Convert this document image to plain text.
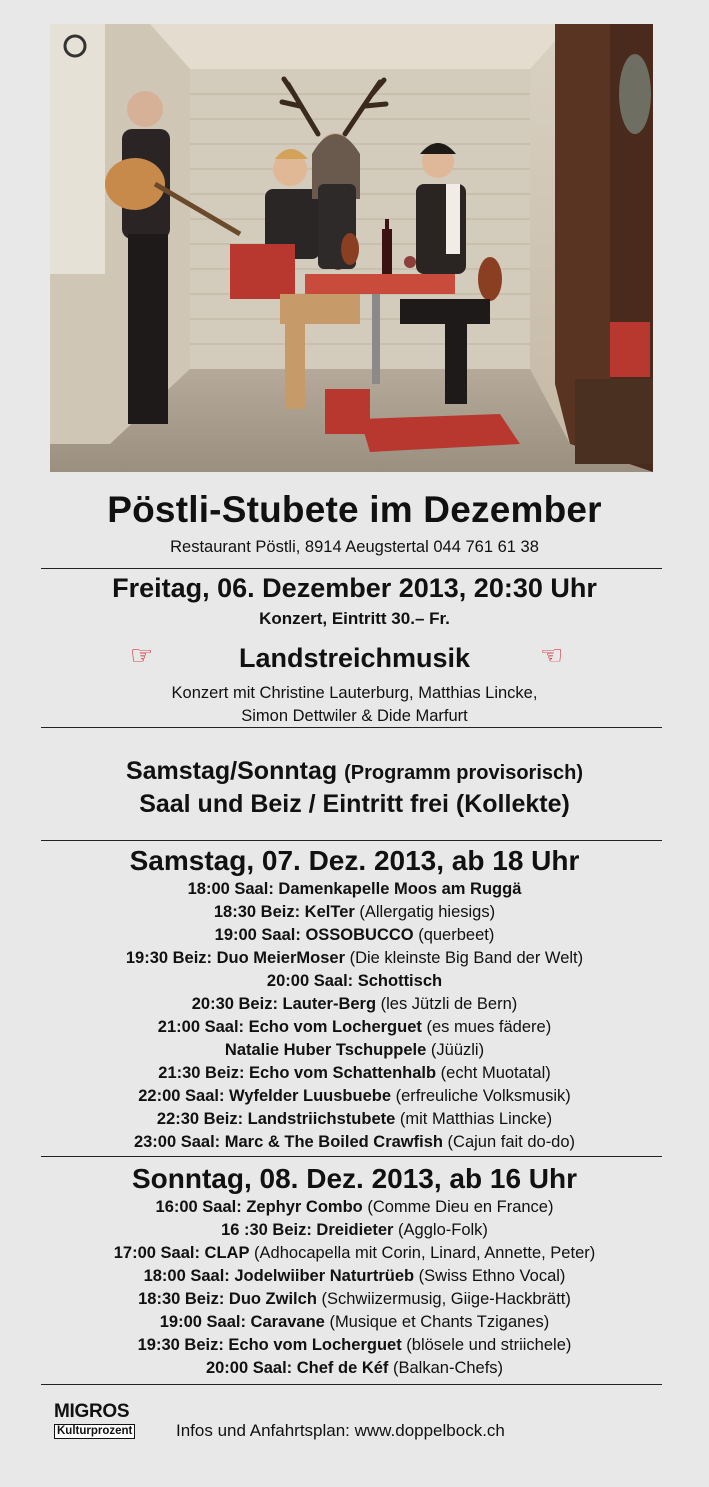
Pöstli-Stubete im Dezember
Restaurant Pöstli, 8914 Aeugstertal 044 761 61 38
Freitag, 06. Dezember 2013, 20:30 Uhr
Konzert, Eintritt 30.– Fr.
☞	Landstreichmusik	☜
Konzert mit Christine Lauterburg, Matthias Lincke,
Simon Dettwiler & Dide Marfurt
Samstag/Sonntag (Programm provisorisch)
Saal und Beiz / Eintritt frei (Kollekte)
Samstag, 07. Dez. 2013, ab 18 Uhr
18:00 Saal: Damenkapelle Moos am Ruggä
18:30 Beiz: KelTer (Allergatig hiesigs)
19:00 Saal: OSSOBUCCO (querbeet)
19:30 Beiz: Duo MeierMoser (Die kleinste Big Band der Welt)
20:00 Saal: Schottisch
20:30 Beiz: Lauter-Berg (les Jützli de Bern)
21:00 Saal: Echo vom Locherguet (es mues fädere)
Natalie Huber Tschuppele (Jüüzli)
21:30 Beiz: Echo vom Schattenhalb (echt Muotatal)
22:00 Saal: Wyfelder Luusbuebe (erfreuliche Volksmusik)
22:30 Beiz: Landstriichstubete (mit Matthias Lincke)
23:00 Saal: Marc & The Boiled Crawfish (Cajun fait do-do)
Sonntag, 08. Dez. 2013, ab 16 Uhr
16:00 Saal: Zephyr Combo (Comme Dieu en France)
16 :30 Beiz: Dreidieter (Agglo-Folk)
17:00 Saal: CLAP (Adhocapella mit Corin, Linard, Annette, Peter)
18:00 Saal: Jodelwiiber Naturtrüeb (Swiss Ethno Vocal)
18:30 Beiz: Duo Zwilch (Schwiizermusig, Giige-Hackbrätt)
19:00 Saal: Caravane (Musique et Chants Tziganes)
19:30 Beiz: Echo vom Locherguet (blösele und striichele)
20:00 Saal: Chef de Kéf (Balkan-Chefs)
MIGROS
Kulturprozent	Infos und Anfahrtsplan: www.doppelbock.ch
